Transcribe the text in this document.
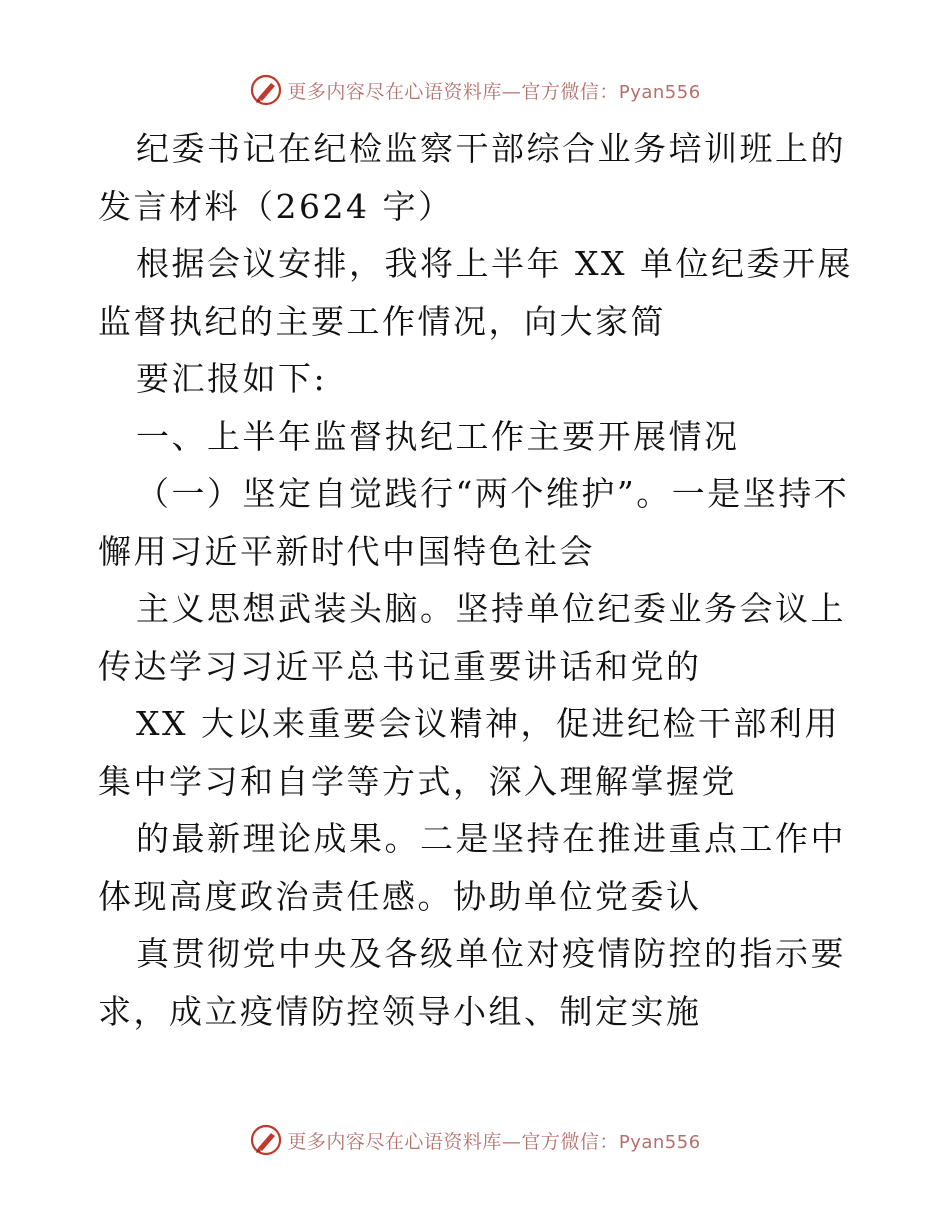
更多内容尽在心语资料库—官方微信：Pyan556

纪委书记在纪检监察干部综合业务培训班上的发言材料（2624 字）

根据会议安排，我将上半年 XX 单位纪委开展监督执纪的主要工作情况，向大家简

要汇报如下:

一、上半年监督执纪工作主要开展情况

（一）坚定自觉践行“两个维护”。一是坚持不懈用习近平新时代中国特色社会

主义思想武装头脑。坚持单位纪委业务会议上传达学习习近平总书记重要讲话和党的

XX 大以来重要会议精神，促进纪检干部利用集中学习和自学等方式，深入理解掌握党

的最新理论成果。二是坚持在推进重点工作中体现高度政治责任感。协助单位党委认

真贯彻党中央及各级单位对疫情防控的指示要求，成立疫情防控领导小组、制定实施

更多内容尽在心语资料库—官方微信：Pyan556
